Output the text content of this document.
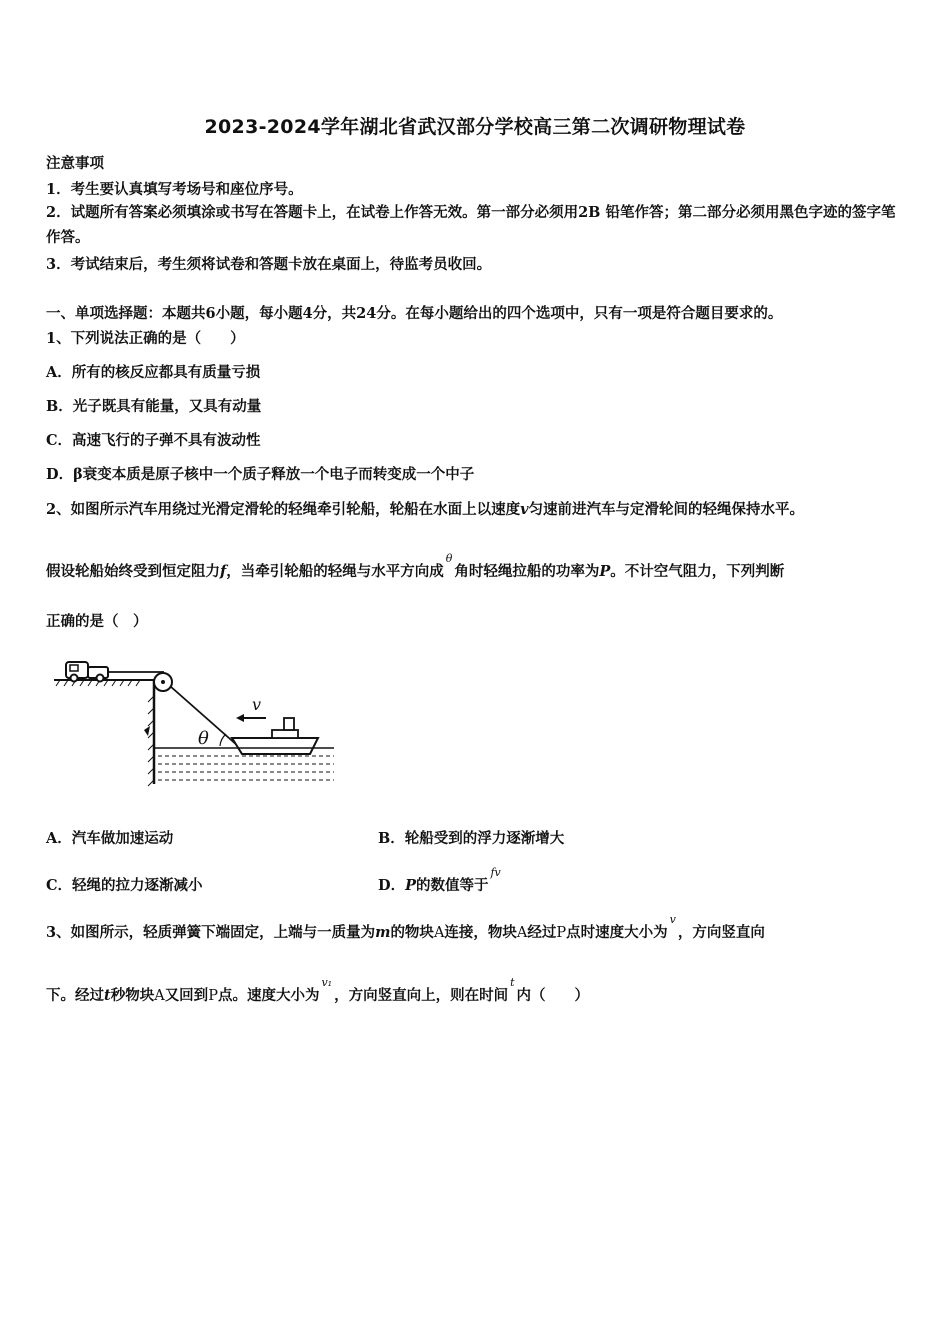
2023-2024学年湖北省武汉部分学校高三第二次调研物理试卷
注意事项
1．考生要认真填写考场号和座位序号。
2．试题所有答案必须填涂或书写在答题卡上，在试卷上作答无效。第一部分必须用2B 铅笔作答；第二部分必须用黑色字迹的签字笔作答。
3．考试结束后，考生须将试卷和答题卡放在桌面上，待监考员收回。
一、单项选择题：本题共6小题，每小题4分，共24分。在每小题给出的四个选项中，只有一项是符合题目要求的。
1、下列说法正确的是（　　）
A．所有的核反应都具有质量亏损
B．光子既具有能量，又具有动量
C．高速飞行的子弹不具有波动性
D．β衰变本质是原子核中一个质子释放一个电子而转变成一个中子
2、如图所示汽车用绕过光滑定滑轮的轻绳牵引轮船，轮船在水面上以速度v匀速前进汽车与定滑轮间的轻绳保持水平。
假设轮船始终受到恒定阻力f，当牵引轮船的轻绳与水平方向成$^\theta$角时轻绳拉船的功率为P。不计空气阻力，下列判断
正确的是（　）
θ
v
A．汽车做加速运动	B．轮船受到的浮力逐渐增大
C．轻绳的拉力逐渐减小	D．P的数值等于$^{fv}$
3、如图所示，轻质弹簧下端固定，上端与一质量为m的物块A连接，物块A经过P点时速度大小为$^v$，方向竖直向
下。经过t秒物块A又回到P点。速度大小为$^{v_1}$，方向竖直向上，则在时间$^t$内（　　）
